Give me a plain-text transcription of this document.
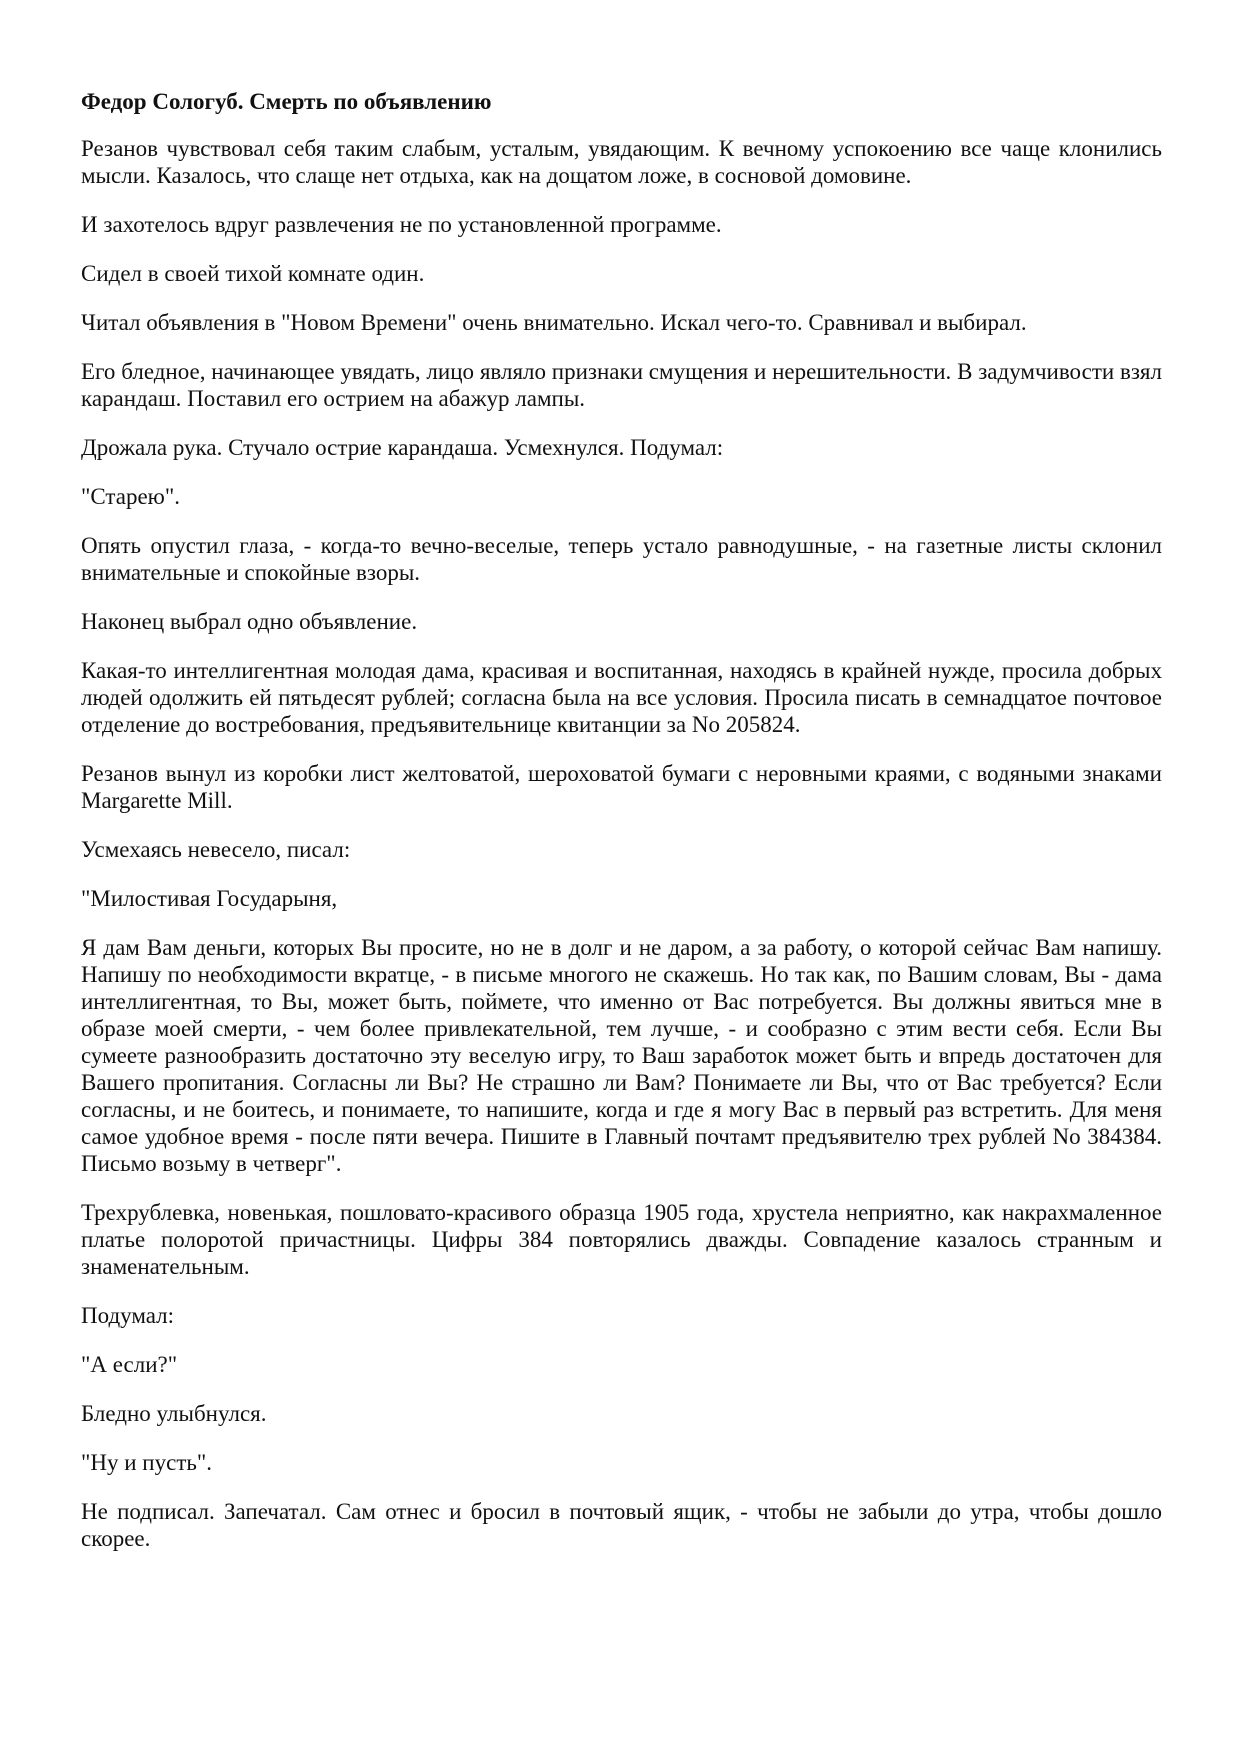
Федор Сологуб. Смерть по объявлению

Резанов чувствовал себя таким слабым, усталым, увядающим. К вечному успокоению все чаще клонились мысли. Казалось, что слаще нет отдыха, как на дощатом ложе, в сосновой домовине.

И захотелось вдруг развлечения не по установленной программе.

Сидел в своей тихой комнате один.

Читал объявления в "Новом Времени" очень внимательно. Искал чего-то. Сравнивал и выбирал.

Его бледное, начинающее увядать, лицо являло признаки смущения и нерешительности. В задумчивости взял карандаш. Поставил его острием на абажур лампы.

Дрожала рука. Стучало острие карандаша. Усмехнулся. Подумал:

"Старею".

Опять опустил глаза, - когда-то вечно-веселые, теперь устало равнодушные, - на газетные листы склонил внимательные и спокойные взоры.

Наконец выбрал одно объявление.

Какая-то интеллигентная молодая дама, красивая и воспитанная, находясь в крайней нужде, просила добрых людей одолжить ей пятьдесят рублей; согласна была на все условия. Просила писать в семнадцатое почтовое отделение до востребования, предъявительнице квитанции за No 205824.

Резанов вынул из коробки лист желтоватой, шероховатой бумаги с неровными краями, с водяными знаками Margarette Mill.

Усмехаясь невесело, писал:

"Милостивая Государыня,

Я дам Вам деньги, которых Вы просите, но не в долг и не даром, а за работу, о которой сейчас Вам напишу. Напишу по необходимости вкратце, - в письме многого не скажешь. Но так как, по Вашим словам, Вы - дама интеллигентная, то Вы, может быть, поймете, что именно от Вас потребуется. Вы должны явиться мне в образе моей смерти, - чем более привлекательной, тем лучше, - и сообразно с этим вести себя. Если Вы сумеете разнообразить достаточно эту веселую игру, то Ваш заработок может быть и впредь достаточен для Вашего пропитания. Согласны ли Вы? Не страшно ли Вам? Понимаете ли Вы, что от Вас требуется? Если согласны, и не боитесь, и понимаете, то напишите, когда и где я могу Вас в первый раз встретить. Для меня самое удобное время - после пяти вечера. Пишите в Главный почтамт предъявителю трех рублей No 384384. Письмо возьму в четверг".

Трехрублевка, новенькая, пошловато-красивого образца 1905 года, хрустела неприятно, как накрахмаленное платье полоротой причастницы. Цифры 384 повторялись дважды. Совпадение казалось странным и знаменательным.

Подумал:

"А если?"

Бледно улыбнулся.

"Ну и пусть".

Не подписал. Запечатал. Сам отнес и бросил в почтовый ящик, - чтобы не забыли до утра, чтобы дошло скорее.
